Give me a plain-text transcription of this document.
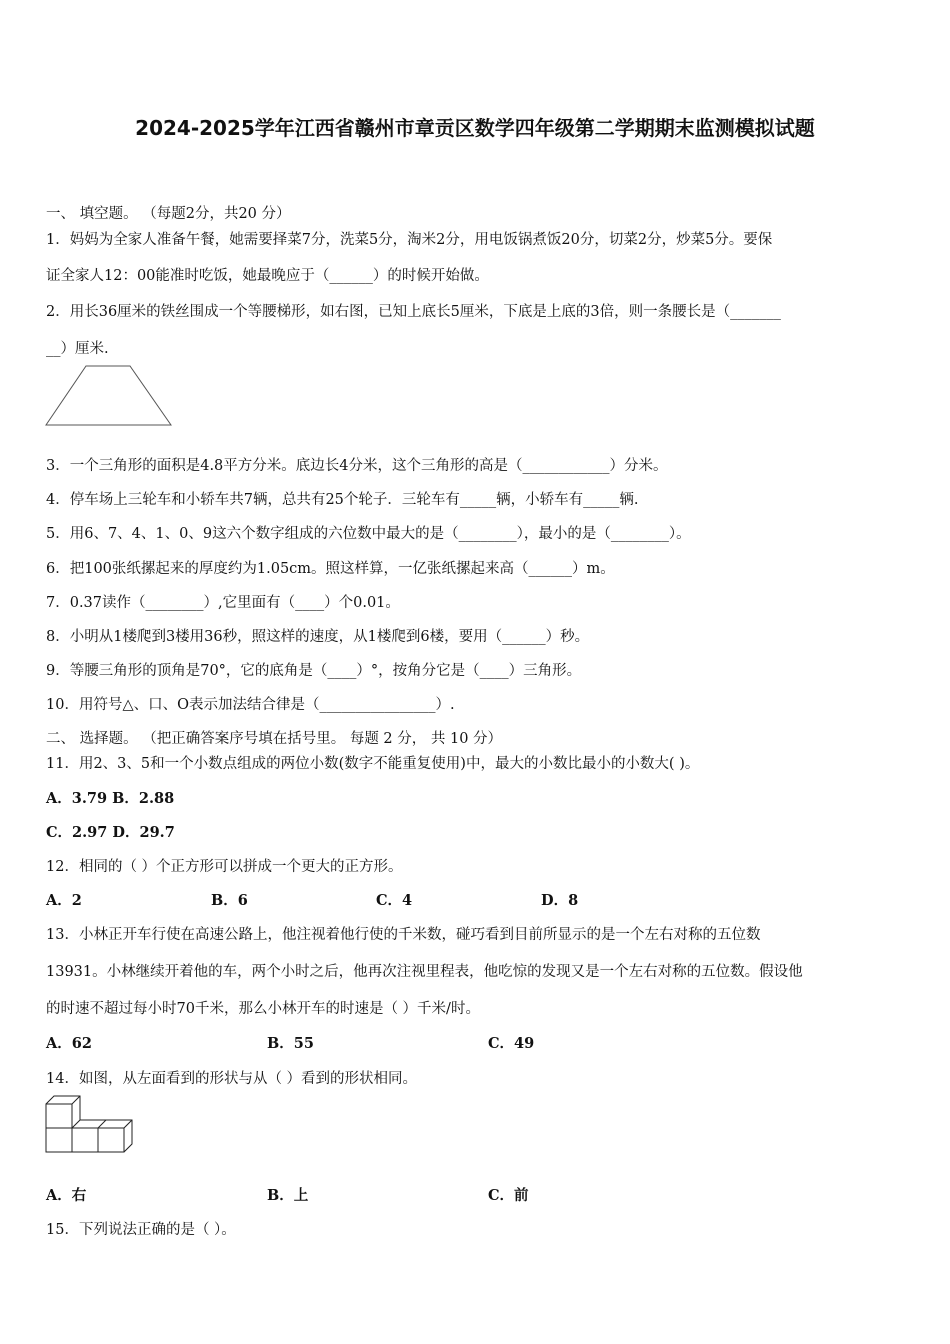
2024-2025学年江西省赣州市章贡区数学四年级第二学期期末监测模拟试题
一、 填空题。 （每题2分，共20 分）
1．妈妈为全家人准备午餐，她需要择菜7分，洗菜5分，淘米2分，用电饭锅煮饭20分，切菜2分，炒菜5分。要保
证全家人12：00能准时吃饭，她最晚应于（______）的时候开始做。
2．用长36厘米的铁丝围成一个等腰梯形，如右图，已知上底长5厘米，下底是上底的3倍，则一条腰长是（_______
__）厘米.
3．一个三角形的面积是4.8平方分米。底边长4分米，这个三角形的高是（____________）分米。
4．停车场上三轮车和小轿车共7辆，总共有25个轮子．三轮车有_____辆，小轿车有_____辆.
5．用6、7、4、1、0、9这六个数字组成的六位数中最大的是（________），最小的是（________）。
6．把100张纸摞起来的厚度约为1.05cm。照这样算，一亿张纸摞起来高（______）m。
7．0.37读作（________）,它里面有（____）个0.01。
8．小明从1楼爬到3楼用36秒，照这样的速度，从1楼爬到6楼，要用（______）秒。
9．等腰三角形的顶角是70°，它的底角是（____）°，按角分它是（____）三角形。
10．用符号△、口、O表示加法结合律是（________________）.
二、 选择题。 （把正确答案序号填在括号里。 每题 2 分， 共 10 分）
11．用2、3、5和一个小数点组成的两位小数(数字不能重复使用)中，最大的小数比最小的小数大( )。
A．3.79 B．2.88
C．2.97 D．29.7
12．相同的（ ）个正方形可以拼成一个更大的正方形。
A．2	B．6	C．4	D．8
13．小林正开车行使在高速公路上，他注视着他行使的千米数，碰巧看到目前所显示的是一个左右对称的五位数
13931。小林继续开着他的车，两个小时之后，他再次注视里程表，他吃惊的发现又是一个左右对称的五位数。假设他
的时速不超过每小时70千米，那么小林开车的时速是（ ）千米/时。
A．62	B．55	C．49
14．如图，从左面看到的形状与从（ ）看到的形状相同。
A．右	B．上	C．前
15．下列说法正确的是（ ）。
